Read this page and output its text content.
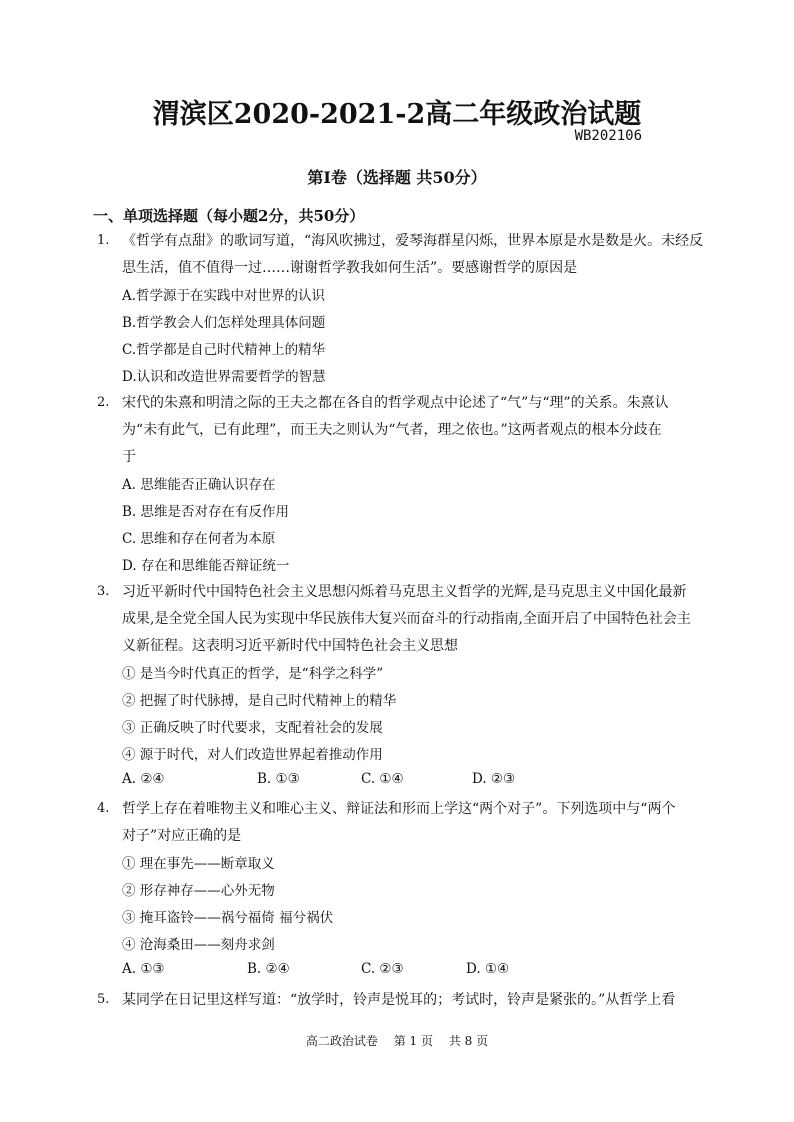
渭滨区2020-2021-2高二年级政治试题
WB202106
第Ⅰ卷（选择题 共50分）
一、单项选择题（每小题2分，共50分）
1. 《哲学有点甜》的歌词写道，“海风吹拂过，爱琴海群星闪烁，世界本原是水是数是火。未经反
思生活，值不值得一过……谢谢哲学教我如何生活”。要感谢哲学的原因是
A.哲学源于在实践中对世界的认识
B.哲学教会人们怎样处理具体问题
C.哲学都是自己时代精神上的精华
D.认识和改造世界需要哲学的智慧
2. 宋代的朱熹和明清之际的王夫之都在各自的哲学观点中论述了“气”与“理”的关系。朱熹认
为“未有此气，已有此理”，而王夫之则认为“气者，理之依也。”这两者观点的根本分歧在
于
A. 思维能否正确认识存在
B. 思维是否对存在有反作用
C. 思维和存在何者为本原
D. 存在和思维能否辩证统一
3. 习近平新时代中国特色社会主义思想闪烁着马克思主义哲学的光辉,是马克思主义中国化最新
成果,是全党全国人民为实现中华民族伟大复兴而奋斗的行动指南,全面开启了中国特色社会主
义新征程。这表明习近平新时代中国特色社会主义思想
① 是当今时代真正的哲学，是“科学之科学”
② 把握了时代脉搏，是自己时代精神上的精华
③ 正确反映了时代要求，支配着社会的发展
④ 源于时代，对人们改造世界起着推动作用
A. ②④	B. ①③	C. ①④	D. ②③
4. 哲学上存在着唯物主义和唯心主义、辩证法和形而上学这“两个对子”。下列选项中与“两个
对子”对应正确的是
① 理在事先——断章取义
② 形存神存——心外无物
③ 掩耳盗铃——祸兮福倚 福兮祸伏
④ 沧海桑田——刻舟求剑
A. ①③	B. ②④	C. ②③	D. ①④
5. 某同学在日记里这样写道：“放学时，铃声是悦耳的；考试时，铃声是紧张的。”从哲学上看
高二政治试卷 第 1 页 共 8 页
